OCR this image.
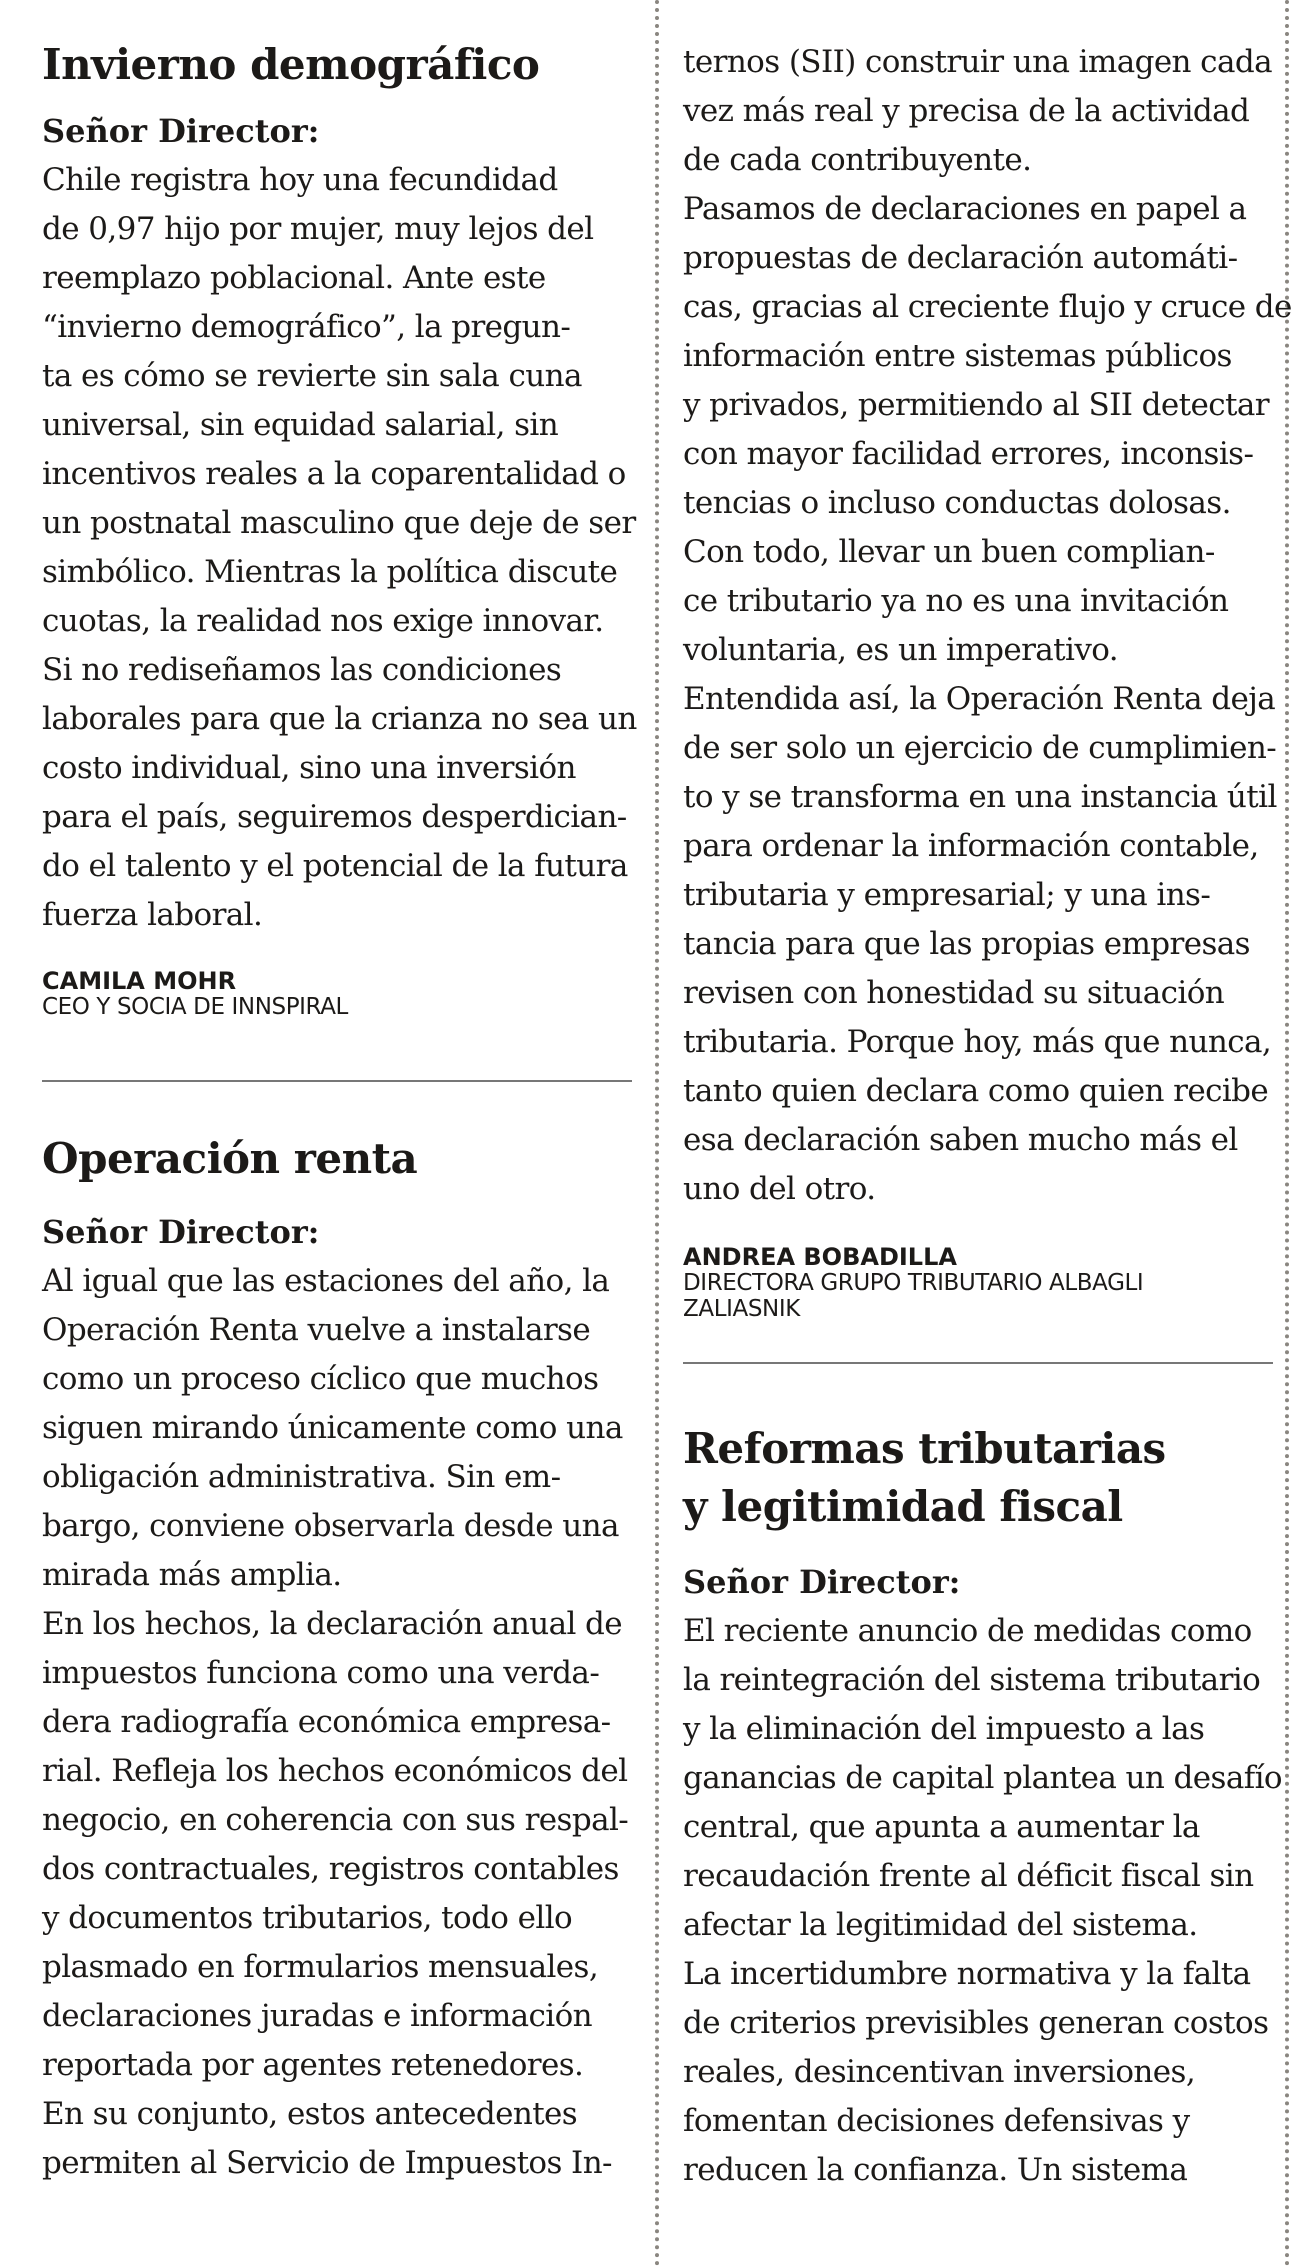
Invierno demográfico

Señor Director:

Chile registra hoy una fecundidad
de 0,97 hijo por mujer, muy lejos del
reemplazo poblacional. Ante este
“invierno demográfico”, la pregun-
ta es cómo se revierte sin sala cuna
universal, sin equidad salarial, sin
incentivos reales a la coparentalidad o
un postnatal masculino que deje de ser
simbólico. Mientras la política discute
cuotas, la realidad nos exige innovar.
Si no rediseñamos las condiciones
laborales para que la crianza no sea un
costo individual, sino una inversión
para el país, seguiremos desperdician-
do el talento y el potencial de la futura
fuerza laboral.

CAMILA MOHR

CEO Y SOCIA DE INNSPIRAL

Operación renta

Señor Director:

Al igual que las estaciones del año, la
Operación Renta vuelve a instalarse
como un proceso cíclico que muchos
siguen mirando únicamente como una
obligación administrativa. Sin em-
bargo, conviene observarla desde una
mirada más amplia.
En los hechos, la declaración anual de
impuestos funciona como una verda-
dera radiografía económica empresa-
rial. Refleja los hechos económicos del
negocio, en coherencia con sus respal-
dos contractuales, registros contables
y documentos tributarios, todo ello
plasmado en formularios mensuales,
declaraciones juradas e información
reportada por agentes retenedores.
En su conjunto, estos antecedentes
permiten al Servicio de Impuestos In-
ternos (SII) construir una imagen cada
vez más real y precisa de la actividad
de cada contribuyente.
Pasamos de declaraciones en papel a
propuestas de declaración automáti-
cas, gracias al creciente flujo y cruce de
información entre sistemas públicos
y privados, permitiendo al SII detectar
con mayor facilidad errores, inconsis-
tencias o incluso conductas dolosas.
Con todo, llevar un buen complian-
ce tributario ya no es una invitación
voluntaria, es un imperativo.
Entendida así, la Operación Renta deja
de ser solo un ejercicio de cumplimien-
to y se transforma en una instancia útil
para ordenar la información contable,
tributaria y empresarial; y una ins-
tancia para que las propias empresas
revisen con honestidad su situación
tributaria. Porque hoy, más que nunca,
tanto quien declara como quien recibe
esa declaración saben mucho más el
uno del otro.

ANDREA BOBADILLA

DIRECTORA GRUPO TRIBUTARIO ALBAGLI

ZALIASNIK

Reformas tributarias
y legitimidad fiscal

Señor Director:

El reciente anuncio de medidas como
la reintegración del sistema tributario
y la eliminación del impuesto a las
ganancias de capital plantea un desafío
central, que apunta a aumentar la
recaudación frente al déficit fiscal sin
afectar la legitimidad del sistema.
La incertidumbre normativa y la falta
de criterios previsibles generan costos
reales, desincentivan inversiones,
fomentan decisiones defensivas y
reducen la confianza. Un sistema
